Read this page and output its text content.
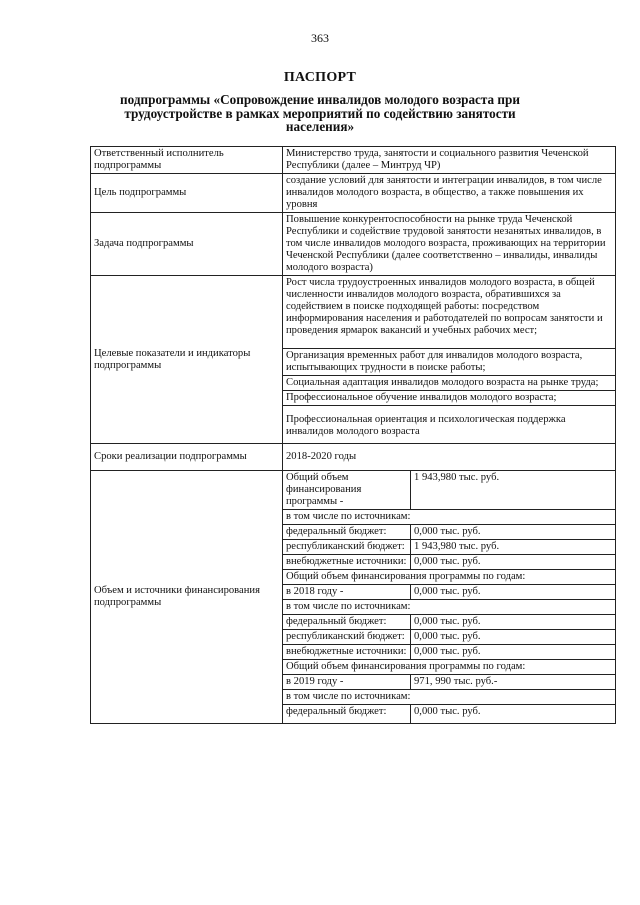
363
ПАСПОРТ
подпрограммы «Сопровождение инвалидов молодого возраста при трудоустройстве в рамках мероприятий по содействию занятости населения»
Ответственный исполнитель подпрограммы	Министерство труда, занятости и социального развития Чеченской Республики (далее – Минтруд ЧР)	
Цель подпрограммы	создание условий для занятости и интеграции инвалидов, в том числе инвалидов молодого возраста, в общество, а также повышения их уровня	
Задача подпрограммы	Повышение конкурентоспособности на рынке труда Чеченской Республики и содействие трудовой занятости незанятых инвалидов, в том числе инвалидов молодого возраста, проживающих на территории Чеченской Республики (далее соответственно – инвалиды, инвалиды молодого возраста)	
Целевые показатели и индикаторы подпрограммы	Рост числа трудоустроенных инвалидов молодого возраста, в общей численности инвалидов молодого возраста, обратившихся за содействием в поиске подходящей работы: посредством информирования населения и работодателей по вопросам занятости и проведения ярмарок вакансий и учебных рабочих мест;	
	Организация временных работ для инвалидов молодого возраста, испытывающих трудности в поиске работы;	
	Социальная адаптация инвалидов молодого возраста на рынке труда;	
	Профессиональное обучение инвалидов молодого возраста;	
	Профессиональная ориентация и психологическая поддержка инвалидов молодого возраста	
Сроки реализации подпрограммы	2018-2020 годы	
Объем и источники финансирования подпрограммы	Общий объем финансирования программы -	1 943,980 тыс. руб.
	в том числе по источникам:	
	федеральный бюджет:	0,000 тыс. руб.
	республиканский бюджет:	1 943,980 тыс. руб.
	внебюджетные источники:	0,000 тыс. руб.
	Общий объем финансирования программы по годам:	
	в 2018 году -	0,000 тыс. руб.
	в том числе по источникам:	
	федеральный бюджет:	0,000 тыс. руб.
	республиканский бюджет:	0,000 тыс. руб.
	внебюджетные источники:	0,000 тыс. руб.
	Общий объем финансирования программы по годам:	
	в 2019 году -	971, 990 тыс. руб.-
	в том числе по источникам:	
	федеральный бюджет:	0,000 тыс. руб.
